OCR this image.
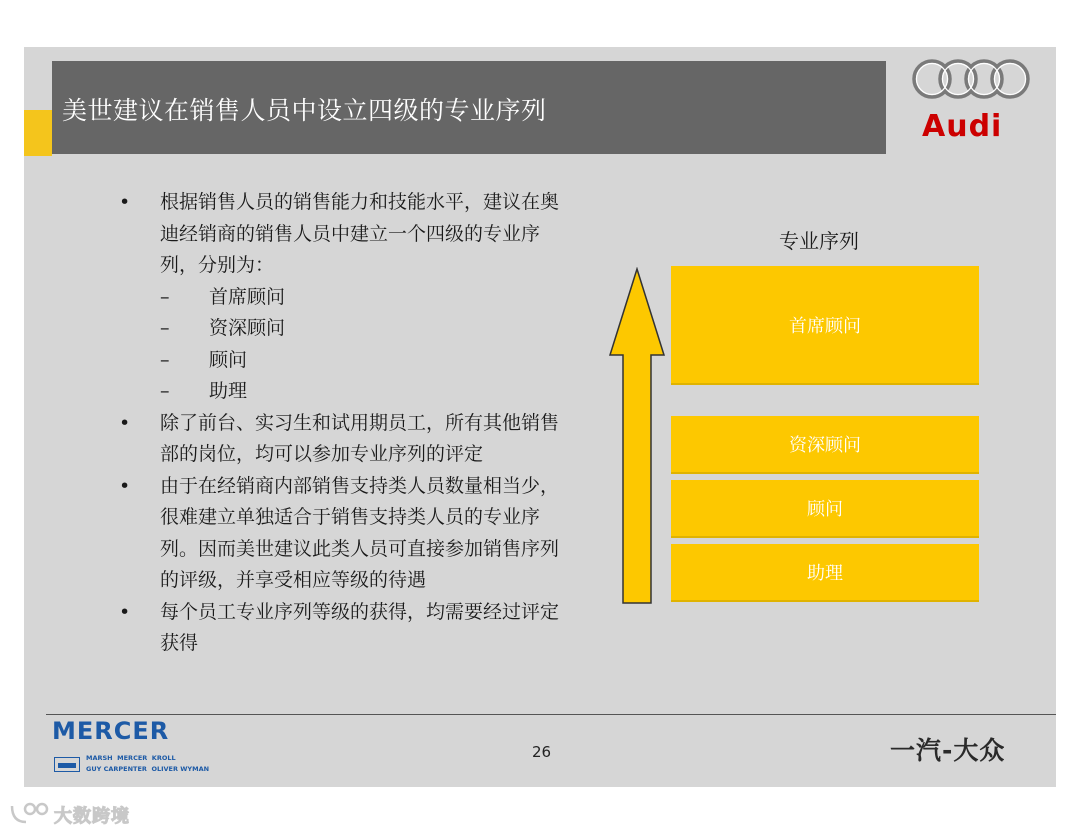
美世建议在销售人员中设立四级的专业序列	Audi
•	根据销售人员的销售能力和技能水平，建议在奥迪经销商的销售人员中建立一个四级的专业序列，分别为：
–	首席顾问
–	资深顾问
–	顾问
–	助理
•	除了前台、实习生和试用期员工，所有其他销售部的岗位，均可以参加专业序列的评定
•	由于在经销商内部销售支持类人员数量相当少，很难建立单独适合于销售支持类人员的专业序列。因而美世建议此类人员可直接参加销售序列的评级，并享受相应等级的待遇
•	每个员工专业序列等级的获得，均需要经过评定获得
专业序列
首席顾问
资深顾问
顾问
助理
MERCER
MARSH  MERCER  KROLL
GUY CARPENTER  OLIVER WYMAN
26	一汽-大众
大数跨境
